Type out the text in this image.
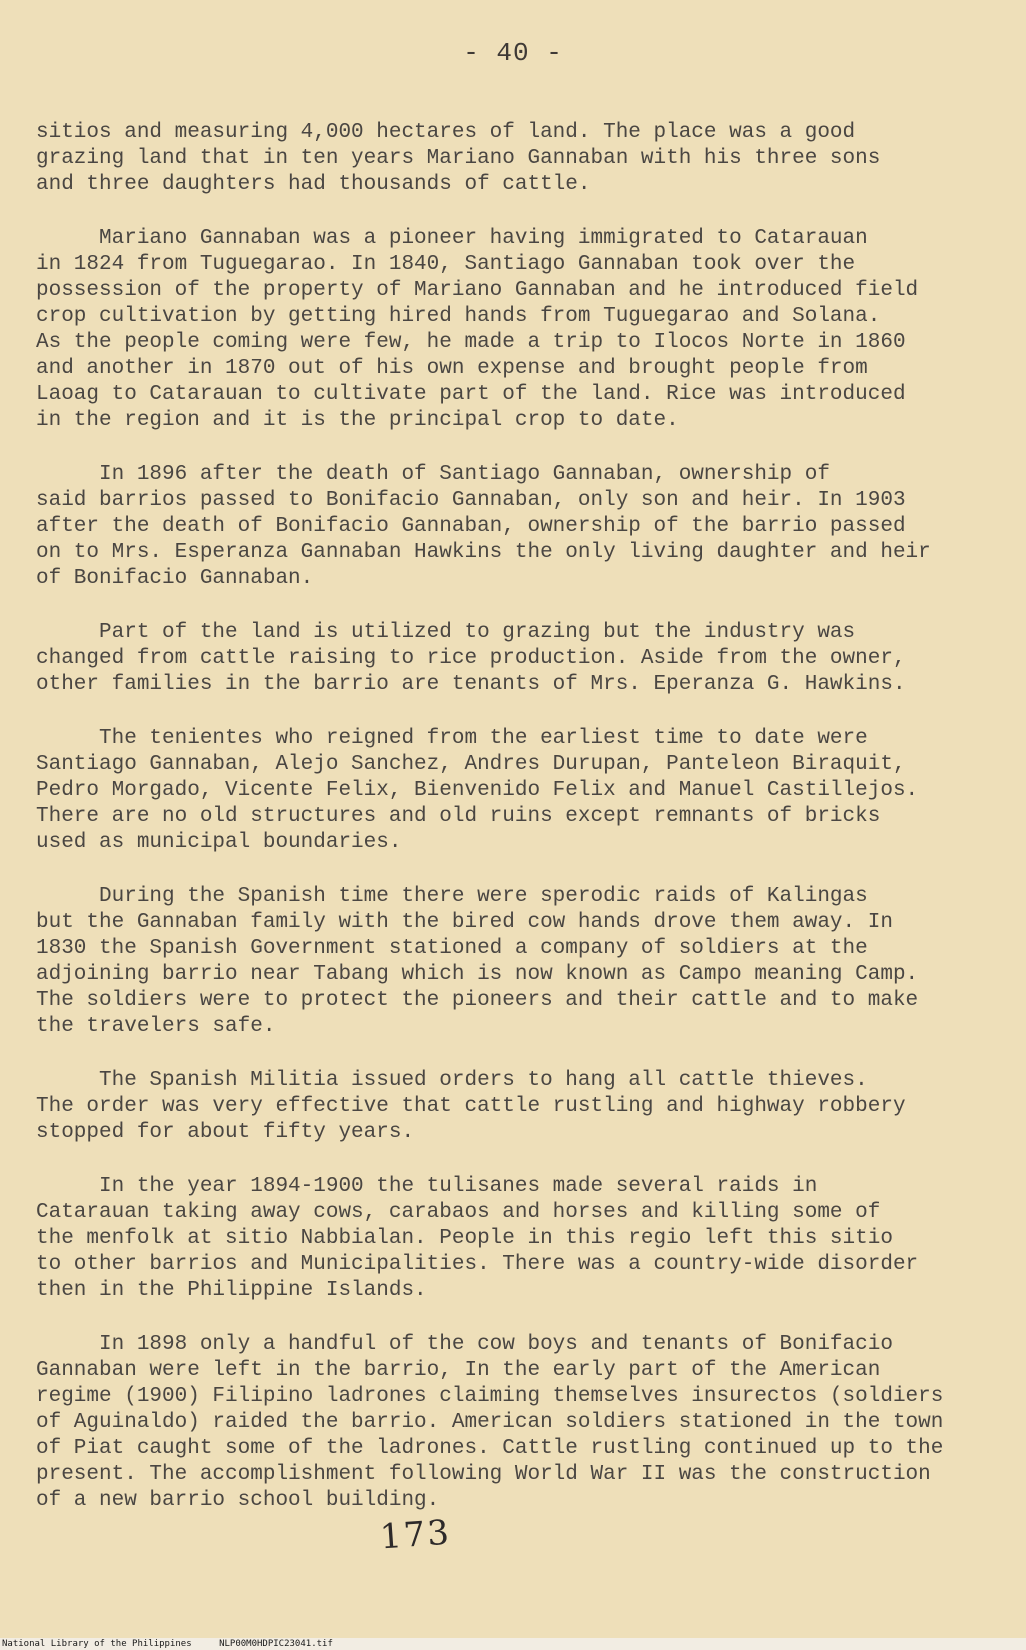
- 40 -
sitios and measuring 4,000 hectares of land. The place was a good
grazing land that in ten years Mariano Gannaban with his three sons
and three daughters had thousands of cattle.
Mariano Gannaban was a pioneer having immigrated to Catarauan
in 1824 from Tuguegarao. In 1840, Santiago Gannaban took over the
possession of the property of Mariano Gannaban and he introduced field
crop cultivation by getting hired hands from Tuguegarao and Solana.
As the people coming were few, he made a trip to Ilocos Norte in 1860
and another in 1870 out of his own expense and brought people from
Laoag to Catarauan to cultivate part of the land. Rice was introduced
in the region and it is the principal crop to date.
In 1896 after the death of Santiago Gannaban, ownership of
said barrios passed to Bonifacio Gannaban, only son and heir. In 1903
after the death of Bonifacio Gannaban, ownership of the barrio passed
on to Mrs. Esperanza Gannaban Hawkins the only living daughter and heir
of Bonifacio Gannaban.
Part of the land is utilized to grazing but the industry was
changed from cattle raising to rice production. Aside from the owner,
other families in the barrio are tenants of Mrs. Eperanza G. Hawkins.
The tenientes who reigned from the earliest time to date were
Santiago Gannaban, Alejo Sanchez, Andres Durupan, Panteleon Biraquit,
Pedro Morgado, Vicente Felix, Bienvenido Felix and Manuel Castillejos.
There are no old structures and old ruins except remnants of bricks
used as municipal boundaries.
During the Spanish time there were sperodic raids of Kalingas
but the Gannaban family with the bired cow hands drove them away. In
1830 the Spanish Government stationed a company of soldiers at the
adjoining barrio near Tabang which is now known as Campo meaning Camp.
The soldiers were to protect the pioneers and their cattle and to make
the travelers safe.
The Spanish Militia issued orders to hang all cattle thieves.
The order was very effective that cattle rustling and highway robbery
stopped for about fifty years.
In the year 1894-1900 the tulisanes made several raids in
Catarauan taking away cows, carabaos and horses and killing some of
the menfolk at sitio Nabbialan. People in this regio left this sitio
to other barrios and Municipalities. There was a country-wide disorder
then in the Philippine Islands.
In 1898 only a handful of the cow boys and tenants of Bonifacio
Gannaban were left in the barrio, In the early part of the American
regime (1900) Filipino ladrones claiming themselves insurectos (soldiers
of Aguinaldo) raided the barrio. American soldiers stationed in the town
of Piat caught some of the ladrones. Cattle rustling continued up to the
present. The accomplishment following World War II was the construction
of a new barrio school building.
173
National Library of the Philippines	NLP00M0HDPIC23041.tif
